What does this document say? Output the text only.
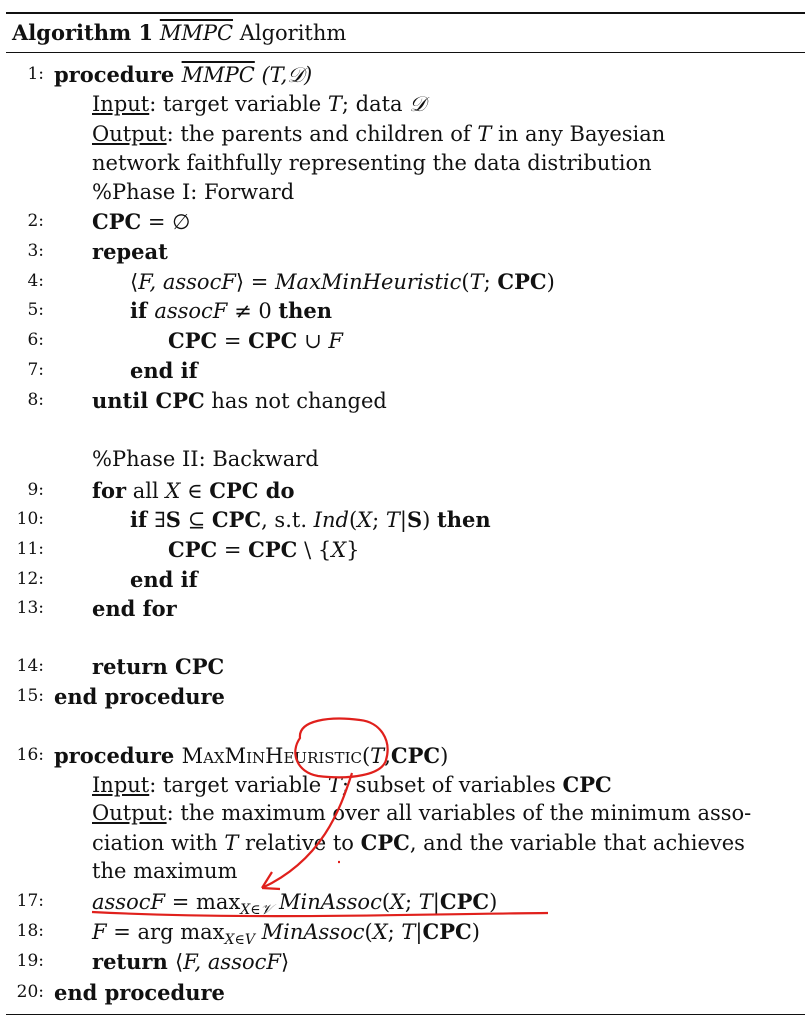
Algorithm 1 MMPC Algorithm
1: procedure MMPC (T,𝒟)
Input: target variable T; data 𝒟
Output: the parents and children of T in any Bayesian
network faithfully representing the data distribution
%Phase I: Forward
2: CPC = ∅
3: repeat
4:	⟨F, assocF⟩ = MaxMinHeuristic(T; CPC)
5:	if assocF ≠ 0 then
6:	CPC = CPC ∪ F
7:	end if
8: until CPC has not changed
%Phase II: Backward
9: for all X ∈ CPC do
10:	if ∃S ⊆ CPC, s.t. Ind(X; T|S) then
11:	CPC = CPC \ {X}
12:	end if
13: end for
14: return CPC
15: end procedure
16: procedure MaxMinHeuristic(T,CPC)
Input: target variable T; subset of variables CPC
Output: the maximum over all variables of the minimum asso-
ciation with T relative to CPC, and the variable that achieves
the maximum
17: assocF = $\max_{X\in 𝒱}$ MinAssoc(X; T|CPC)
18: F = arg $\max_{X\in V}$ MinAssoc(X; T|CPC)
19: return ⟨F, assocF⟩
20: end procedure
